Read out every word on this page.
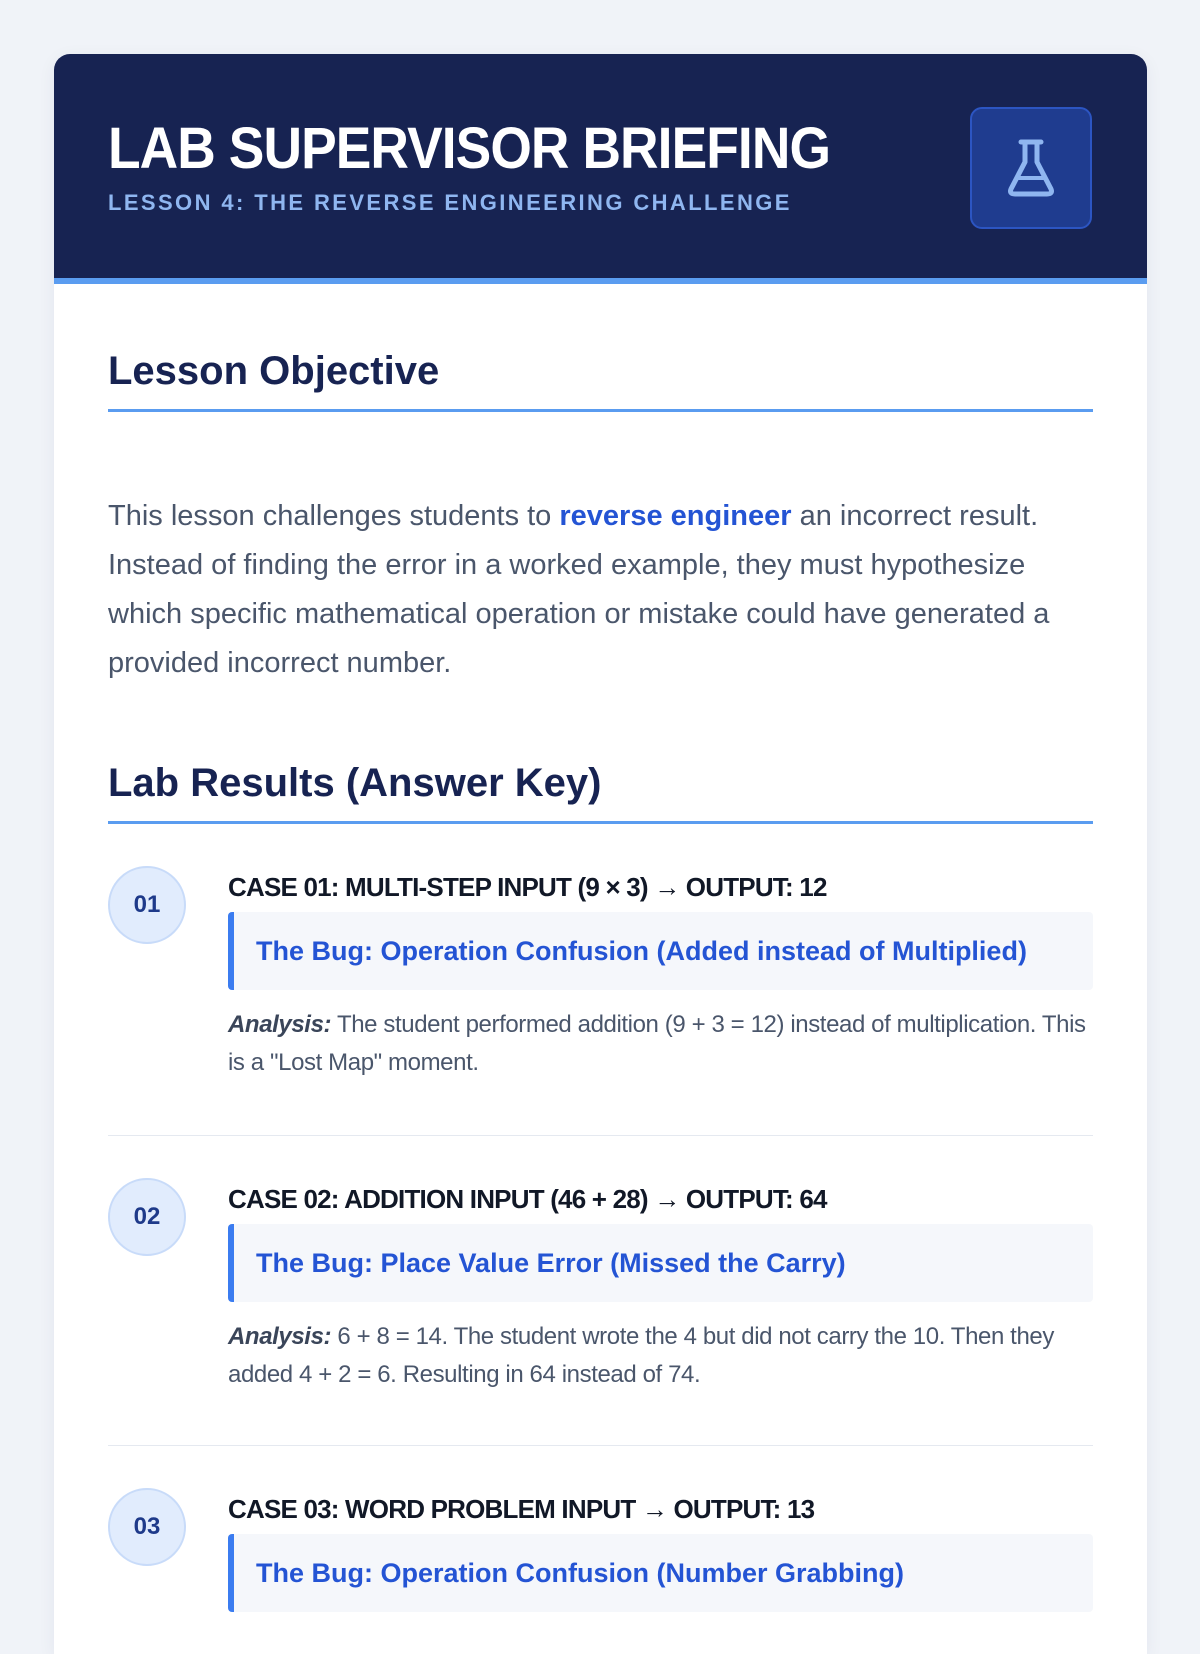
LAB SUPERVISOR BRIEFING

LESSON 4: THE REVERSE ENGINEERING CHALLENGE

Lesson Objective

This lesson challenges students to reverse engineer an incorrect result. Instead of finding the error in a worked example, they must hypothesize which specific mathematical operation or mistake could have generated a provided incorrect number.

Lab Results (Answer Key)
01

CASE 01: MULTI-STEP INPUT (9 × 3) → OUTPUT: 12

The Bug: Operation Confusion (Added instead of Multiplied)

Analysis: The student performed addition (9 + 3 = 12) instead of multiplication. This is a "Lost Map" moment.

02

CASE 02: ADDITION INPUT (46 + 28) → OUTPUT: 64

The Bug: Place Value Error (Missed the Carry)

Analysis: 6 + 8 = 14. The student wrote the 4 but did not carry the 10. Then they added 4 + 2 = 6. Resulting in 64 instead of 74.

03

CASE 03: WORD PROBLEM INPUT → OUTPUT: 13

The Bug: Operation Confusion (Number Grabbing)
